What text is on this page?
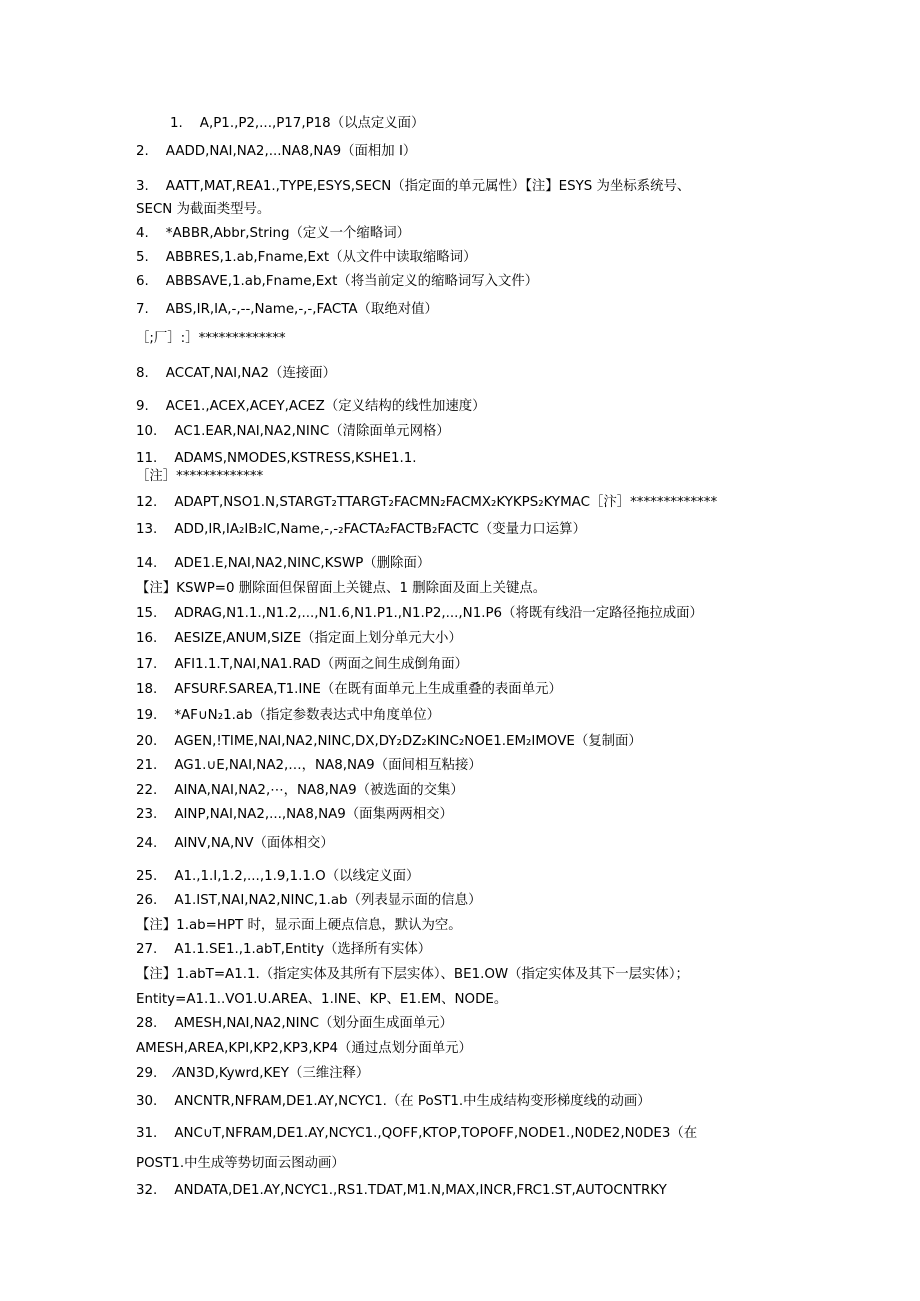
1.    A,P1.,P2,...,P17,P18（以点定义面）
2.    AADD,NAI,NA2,...NA8,NA9（面相加 I）
3.    AATT,MAT,REA1.,TYPE,ESYS,SECN（指定面的单元属性）【注】ESYS 为坐标系统号、
SECN 为截面类型号。
4.    *ABBR,Abbr,String（定义一个缩略词）
5.    ABBRES,1.ab,Fname,Ext（从文件中读取缩略词）
6.    ABBSAVE,1.ab,Fname,Ext（将当前定义的缩略词写入文件）
7.    ABS,IR,IA,-,--,Name,-,-,FACTA（取绝对值）
［;厂］:］*************
8.    ACCAT,NAI,NA2（连接面）
9.    ACE1.,ACEX,ACEY,ACEZ（定义结构的线性加速度）
10.    AC1.EAR,NAI,NA2,NINC（清除面单元网格）
11.    ADAMS,NMODES,KSTRESS,KSHE1.1.
［注］*************
12.    ADAPT,NSO1.N,STARGT₂TTARGT₂FACMN₂FACMX₂KYKPS₂KYMAC［汴］*************
13.    ADD,IR,IA₂IB₂IC,Name,-,-₂FACTA₂FACTB₂FACTC（变量力口运算）
14.    ADE1.E,NAI,NA2,NINC,KSWP（删除面）
【注】KSWP=0 删除面但保留面上关键点、1 删除面及面上关键点。
15.    ADRAG,N1.1.,N1.2,...,N1.6,N1.P1.,N1.P2,...,N1.P6（将既有线沿一定路径拖拉成面）
16.    AESIZE,ANUM,SIZE（指定面上划分单元大小）
17.    AFI1.1.T,NAI,NA1.RAD（两面之间生成倒角面）
18.    AFSURF.SAREA,T1.INE（在既有面单元上生成重叠的表面单元）
19.    *AF∪N₂1.ab（指定参数表达式中角度单位）
20.    AGEN,!TIME,NAI,NA2,NINC,DX,DY₂DZ₂KINC₂NOE1.EM₂IMOVE（复制面）
21.    AG1.∪E,NAI,NA2,…，NA8,NA9（面间相互粘接）
22.    AINA,NAI,NA2,⋯，NA8,NA9（被选面的交集）
23.    AINP,NAI,NA2,...,NA8,NA9（面集两两相交）
24.    AINV,NA,NV（面体相交）
25.    A1.,1.I,1.2,...,1.9,1.1.O（以线定义面）
26.    A1.IST,NAI,NA2,NINC,1.ab（列表显示面的信息）
【注】1.ab=HPT 时，显示面上硬点信息，默认为空。
27.    A1.1.SE1.,1.abT,Entity（选择所有实体）
【注】1.abT=A1.1.（指定实体及其所有下层实体）、BE1.OW（指定实体及其下一层实体）；
Entity=A1.1..VO1.U.AREA、1.INE、KP、E1.EM、NODE。
28.    AMESH,NAI,NA2,NINC（划分面生成面单元）
AMESH,AREA,KPI,KP2,KP3,KP4（通过点划分面单元）
29.    ⁄AN3D,Kywrd,KEY（三维注释）
30.    ANCNTR,NFRAM,DE1.AY,NCYC1.（在 PoST1.中生成结构变形梯度线的动画）
31.    ANC∪T,NFRAM,DE1.AY,NCYC1.,QOFF,KTOP,TOPOFF,NODE1.,N0DE2,N0DE3（在
POST1.中生成等势切面云图动画）
32.    ANDATA,DE1.AY,NCYC1.,RS1.TDAT,M1.N,MAX,INCR,FRC1.ST,AUTOCNTRKY
